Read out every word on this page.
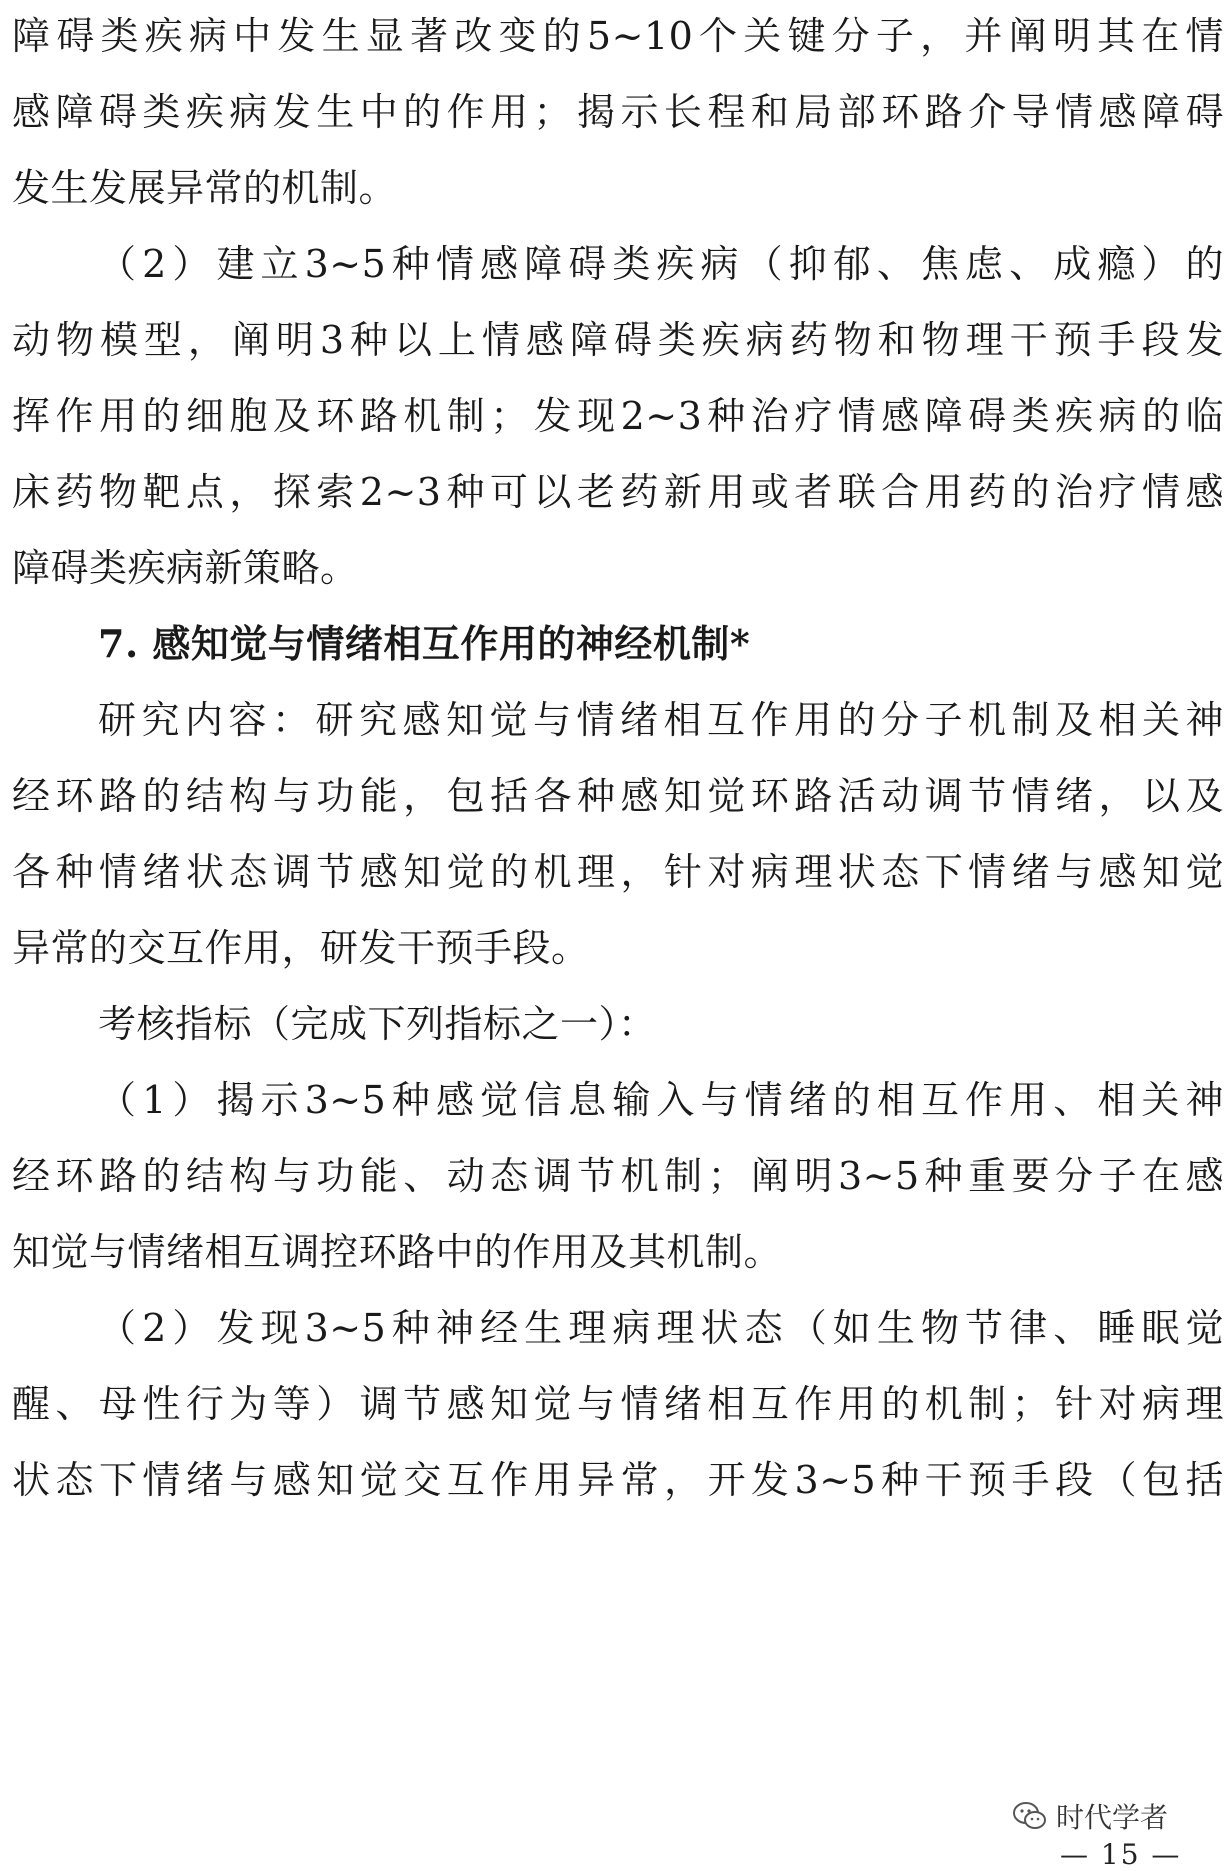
障碍类疾病中发生显著改变的5~10个关键分子，并阐明其在情
感障碍类疾病发生中的作用；揭示长程和局部环路介导情感障碍
发生发展异常的机制。
（2）建立3~5种情感障碍类疾病（抑郁、焦虑、成瘾）的
动物模型，阐明3种以上情感障碍类疾病药物和物理干预手段发
挥作用的细胞及环路机制；发现2~3种治疗情感障碍类疾病的临
床药物靶点，探索2~3种可以老药新用或者联合用药的治疗情感
障碍类疾病新策略。
7. 感知觉与情绪相互作用的神经机制*
研究内容：研究感知觉与情绪相互作用的分子机制及相关神
经环路的结构与功能，包括各种感知觉环路活动调节情绪，以及
各种情绪状态调节感知觉的机理，针对病理状态下情绪与感知觉
异常的交互作用，研发干预手段。
考核指标（完成下列指标之一）：
（1）揭示3~5种感觉信息输入与情绪的相互作用、相关神
经环路的结构与功能、动态调节机制；阐明3~5种重要分子在感
知觉与情绪相互调控环路中的作用及其机制。
（2）发现3~5种神经生理病理状态（如生物节律、睡眠觉
醒、母性行为等）调节感知觉与情绪相互作用的机制；针对病理
状态下情绪与感知觉交互作用异常，开发3~5种干预手段（包括
时代学者
— 15 —
